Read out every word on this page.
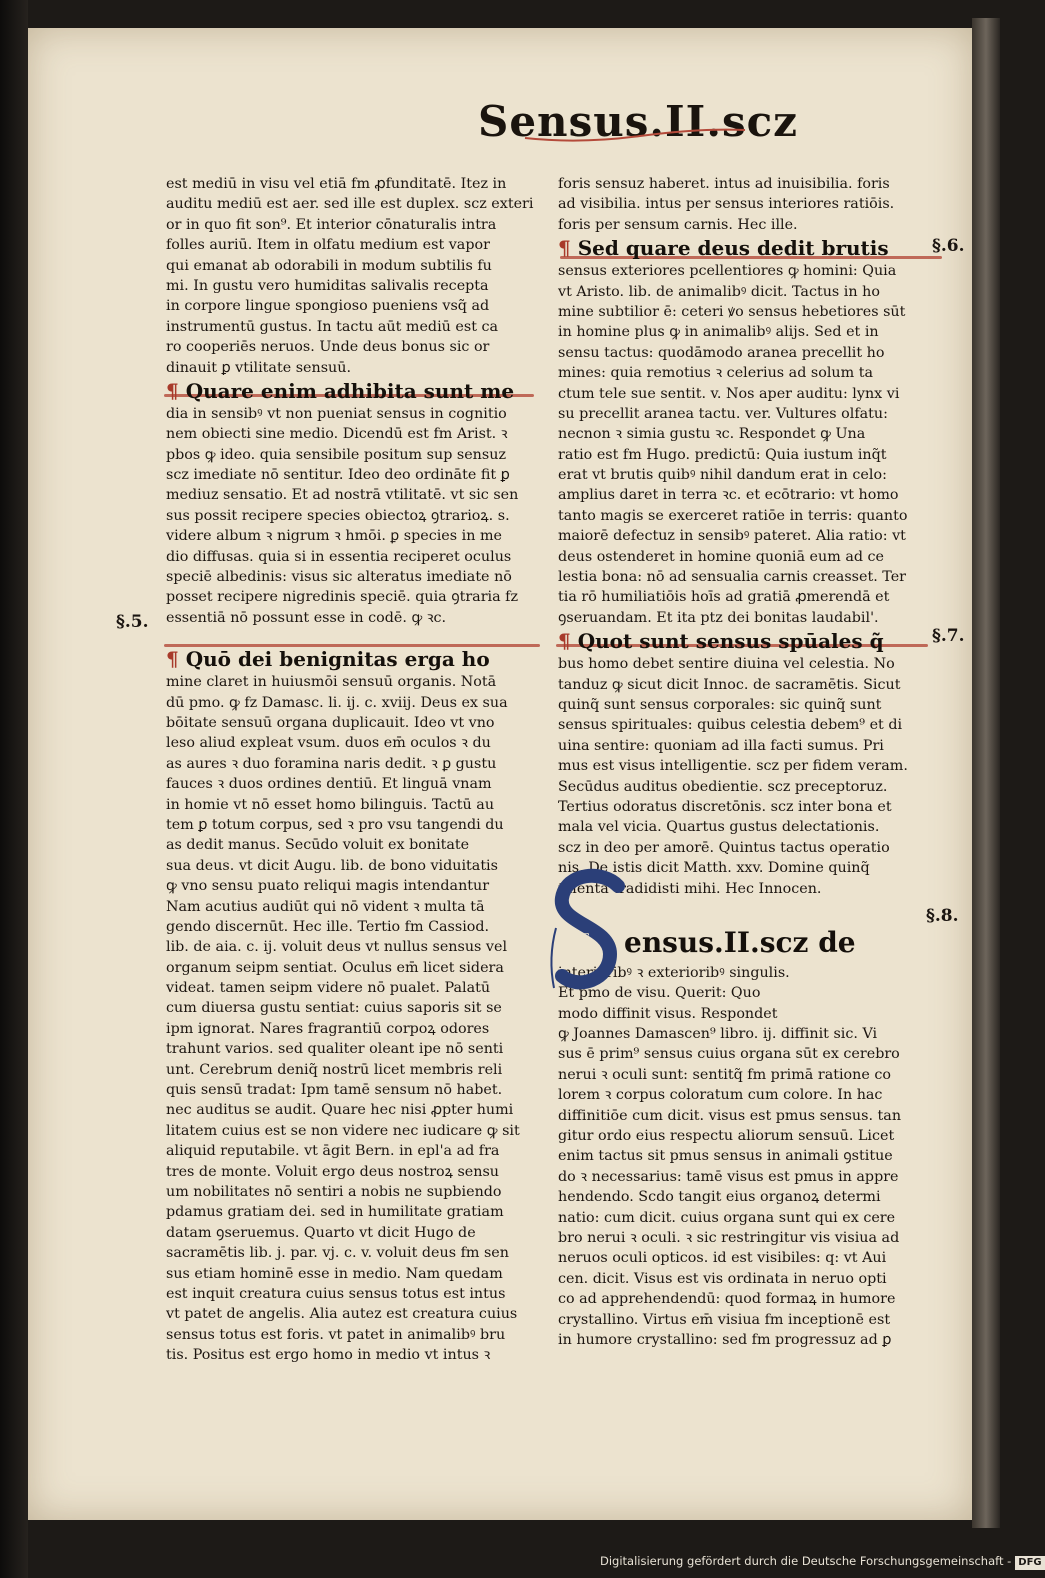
Sensus.II.scz
§.5.
§.6.
§.7.
§.8.
est mediū in visu vel etiā fm ꝓfunditatē. Itez in
auditu mediū est aer. sed ille est duplex. scz exteri
or in quo fit son⁹. Et interior cōnaturalis intra
folles auriū. Item in olfatu medium est vapor
qui emanat ab odorabili in modum subtilis fu
mi. In gustu vero humiditas salivalis recepta
in corpore lingue spongioso pueniens vsq̃ ad
instrumentū gustus. In tactu aūt mediū est ca
ro cooperiēs neruos. Unde deus bonus sic or
dinauit ꝑ vtilitate sensuū.
¶ Quare enim adhibita sunt me
dia in sensibꝰ vt non pueniat sensus in cognitio
nem obiecti sine medio. Dicendū est fm Arist. ꝛ
pbos ꝙ ideo. quia sensibile positum sup sensuz
scz imediate nō sentitur. Ideo deo ordināte fit ꝑ
mediuz sensatio. Et ad nostrā vtilitatē. vt sic sen
sus possit recipere species obiectoꝝ ꝯtrarioꝝ. s.
videre album ꝛ nigrum ꝛ hmōi. ꝑ species in me
dio diffusas. quia si in essentia reciperet oculus
speciē albedinis: visus sic alteratus imediate nō
posset recipere nigredinis speciē. quia ꝯtraria fz
essentiā nō possunt esse in codē. ꝙ ꝛc.
¶ Quō dei benignitas erga ho
mine claret in huiusmōi sensuū organis. Notā
dū pmo. ꝙ fz Damasc. li. ij. c. xviij. Deus ex sua
bōitate sensuū organa duplicauit. Ideo vt vno
leso aliud expleat vsum. duos em̄ oculos ꝛ du
as aures ꝛ duo foramina naris dedit. ꝛ ꝑ gustu
fauces ꝛ duos ordines dentiū. Et linguā vnam
in homie vt nō esset homo bilinguis. Tactū au
tem ꝑ totum corpus, sed ꝛ pro vsu tangendi du
as dedit manus. Secūdo voluit ex bonitate
sua deus. vt dicit Augu. lib. de bono viduitatis
ꝙ vno sensu puato reliqui magis intendantur
Nam acutius audiūt qui nō vident ꝛ multa tā
gendo discernūt. Hec ille. Tertio fm Cassiod.
lib. de aia. c. ij. voluit deus vt nullus sensus vel
organum seipm sentiat. Oculus em̄ licet sidera
videat. tamen seipm videre nō pualet. Palatū
cum diuersa gustu sentiat: cuius saporis sit se
ipm ignorat. Nares fragrantiū corpoꝝ odores
trahunt varios. sed qualiter oleant ipe nō senti
unt. Cerebrum deniq̃ nostrū licet membris reli
quis sensū tradat: Ipm tamē sensum nō habet.
nec auditus se audit. Quare hec nisi ꝓpter humi
litatem cuius est se non videre nec iudicare ꝙ sit
aliquid reputabile. vt āgit Bern. in epl'a ad fra
tres de monte. Voluit ergo deus nostroꝝ sensu
um nobilitates nō sentiri a nobis ne supbiendo
pdamus gratiam dei. sed in humilitate gratiam
datam ꝯseruemus. Quarto vt dicit Hugo de
sacramētis lib. j. par. vj. c. v. voluit deus fm sen
sus etiam hominē esse in medio. Nam quedam
est inquit creatura cuius sensus totus est intus
vt patet de angelis. Alia autez est creatura cuius
sensus totus est foris. vt patet in animalibꝰ bru
tis. Positus est ergo homo in medio vt intus ꝛ
foris sensuz haberet. intus ad inuisibilia. foris
ad visibilia. intus per sensus interiores ratiōis.
foris per sensum carnis. Hec ille.
¶ Sed quare deus dedit brutis
sensus exteriores pcellentiores ꝙ homini: Quia
vt Aristo. lib. de animalibꝰ dicit. Tactus in ho
mine subtilior ē: ceteri ꝟo sensus hebetiores sūt
in homine plus ꝙ in animalibꝰ alijs. Sed et in
sensu tactus: quodāmodo aranea precellit ho
mines: quia remotius ꝛ celerius ad solum ta
ctum tele sue sentit. v. Nos aper auditu: lynx vi
su precellit aranea tactu. ver. Vultures olfatu:
necnon ꝛ simia gustu ꝛc. Respondet ꝙ Una
ratio est fm Hugo. predictū: Quia iustum inq̃t
erat vt brutis quibꝰ nihil dandum erat in celo:
amplius daret in terra ꝛc. et ecōtrario: vt homo
tanto magis se exerceret ratiōe in terris: quanto
maiorē defectuz in sensibꝰ pateret. Alia ratio: vt
deus ostenderet in homine quoniā eum ad ce
lestia bona: nō ad sensualia carnis creasset. Ter
tia rō humiliatiōis hoīs ad gratiā ꝓmerendā et
ꝯseruandam. Et ita ptz dei bonitas laudabil'.
¶ Quot sunt sensus spūales q̃
bus homo debet sentire diuina vel celestia. No
tanduz ꝙ sicut dicit Innoc. de sacramētis. Sicut
quinq̃ sunt sensus corporales: sic quinq̃ sunt
sensus spirituales: quibus celestia debem⁹ et di
uina sentire: quoniam ad illa facti sumus. Pri
mus est visus intelligentie. scz per fidem veram.
Secūdus auditus obedientie. scz preceptoruz.
Tertius odoratus discretōnis. scz inter bona et
mala vel vicia. Quartus gustus delectationis.
scz in deo per amorē. Quintus tactus operatio
nis. De istis dicit Matth. xxv. Domine quinq̃
talenta tradidisti mihi. Hec Innocen.
ensus.II.scz de
interioribꝰ ꝛ exterioribꝰ singulis.
Et pmo de visu. Querit: Quo
modo diffinit visus. Respondet
ꝙ Joannes Damascen⁹ libro. ij. diffinit sic. Vi
sus ē prim⁹ sensus cuius organa sūt ex cerebro
nerui ꝛ oculi sunt: sentitq̃ fm primā ratione co
lorem ꝛ corpus coloratum cum colore. In hac
diffinitiōe cum dicit. visus est pmus sensus. tan
gitur ordo eius respectu aliorum sensuū. Licet
enim tactus sit pmus sensus in animali ꝯstitue
do ꝛ necessarius: tamē visus est pmus in appre
hendendo. Scdo tangit eius organoꝝ determi
natio: cum dicit. cuius organa sunt qui ex cere
bro nerui ꝛ oculi. ꝛ sic restringitur vis visiua ad
neruos oculi opticos. id est visibiles: q: vt Aui
cen. dicit. Visus est vis ordinata in neruo opti
co ad apprehendendū: quod formaꝝ in humore
crystallino. Virtus em̄ visiua fm inceptionē est
in humore crystallino: sed fm progressuz ad ꝑ
S
Digitalisierung gefördert durch die Deutsche Forschungsgemeinschaft - DFG
